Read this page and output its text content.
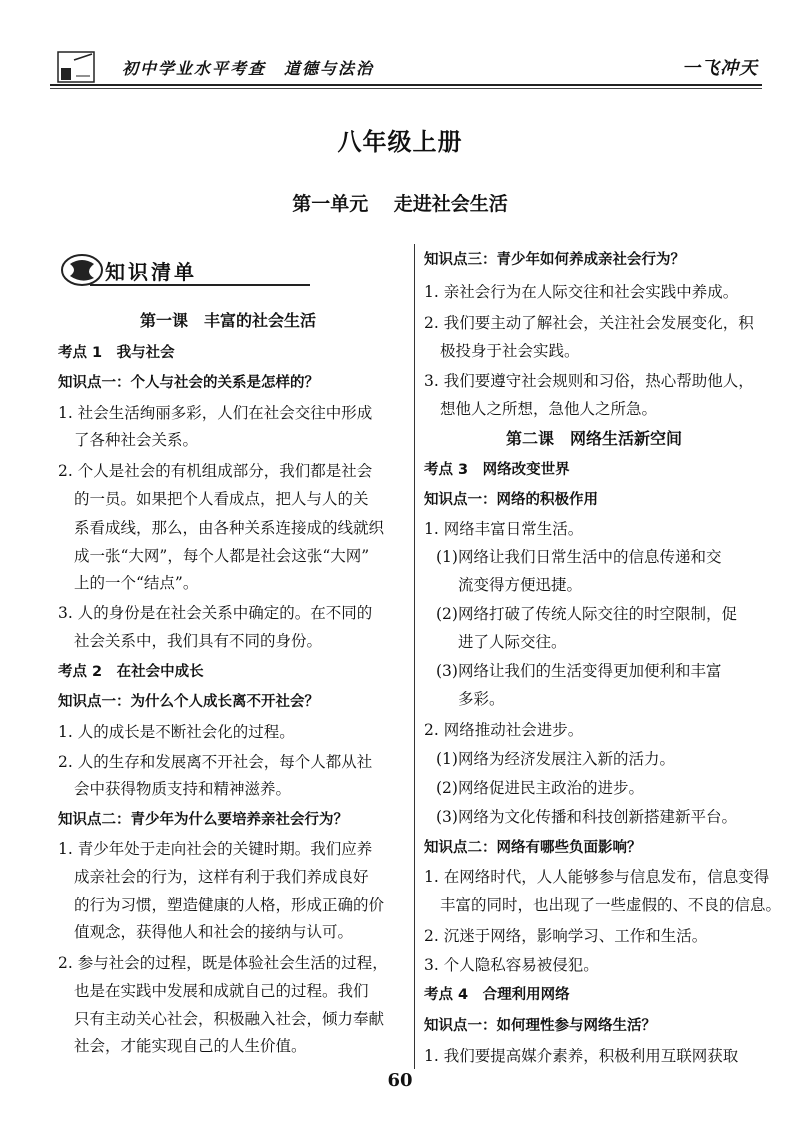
初中学业水平考查　道德与法治	一飞冲天
八年级上册
第一单元　 走进社会生活
知识清单
第一课　丰富的社会生活
考点 1　我与社会
知识点一：个人与社会的关系是怎样的？
1. 社会生活绚丽多彩，人们在社会交往中形成
了各种社会关系。
2. 个人是社会的有机组成部分，我们都是社会
的一员。如果把个人看成点，把人与人的关
系看成线，那么，由各种关系连接成的线就织
成一张“大网”，每个人都是社会这张“大网”
上的一个“结点”。
3. 人的身份是在社会关系中确定的。在不同的
社会关系中，我们具有不同的身份。
考点 2　在社会中成长
知识点一：为什么个人成长离不开社会？
1. 人的成长是不断社会化的过程。
2. 人的生存和发展离不开社会，每个人都从社
会中获得物质支持和精神滋养。
知识点二：青少年为什么要培养亲社会行为？
1. 青少年处于走向社会的关键时期。我们应养
成亲社会的行为，这样有利于我们养成良好
的行为习惯，塑造健康的人格，形成正确的价
值观念，获得他人和社会的接纳与认可。
2. 参与社会的过程，既是体验社会生活的过程，
也是在实践中发展和成就自己的过程。我们
只有主动关心社会，积极融入社会，倾力奉献
社会，才能实现自己的人生价值。
知识点三：青少年如何养成亲社会行为？
1. 亲社会行为在人际交往和社会实践中养成。
2. 我们要主动了解社会，关注社会发展变化，积
极投身于社会实践。
3. 我们要遵守社会规则和习俗，热心帮助他人，
想他人之所想，急他人之所急。
第二课　网络生活新空间
考点 3　网络改变世界
知识点一：网络的积极作用
1. 网络丰富日常生活。
(1)网络让我们日常生活中的信息传递和交
流变得方便迅捷。
(2)网络打破了传统人际交往的时空限制，促
进了人际交往。
(3)网络让我们的生活变得更加便利和丰富
多彩。
2. 网络推动社会进步。
(1)网络为经济发展注入新的活力。
(2)网络促进民主政治的进步。
(3)网络为文化传播和科技创新搭建新平台。
知识点二：网络有哪些负面影响？
1. 在网络时代，人人能够参与信息发布，信息变得
丰富的同时，也出现了一些虚假的、不良的信息。
2. 沉迷于网络，影响学习、工作和生活。
3. 个人隐私容易被侵犯。
考点 4　合理利用网络
知识点一：如何理性参与网络生活？
1. 我们要提高媒介素养，积极利用互联网获取
60
